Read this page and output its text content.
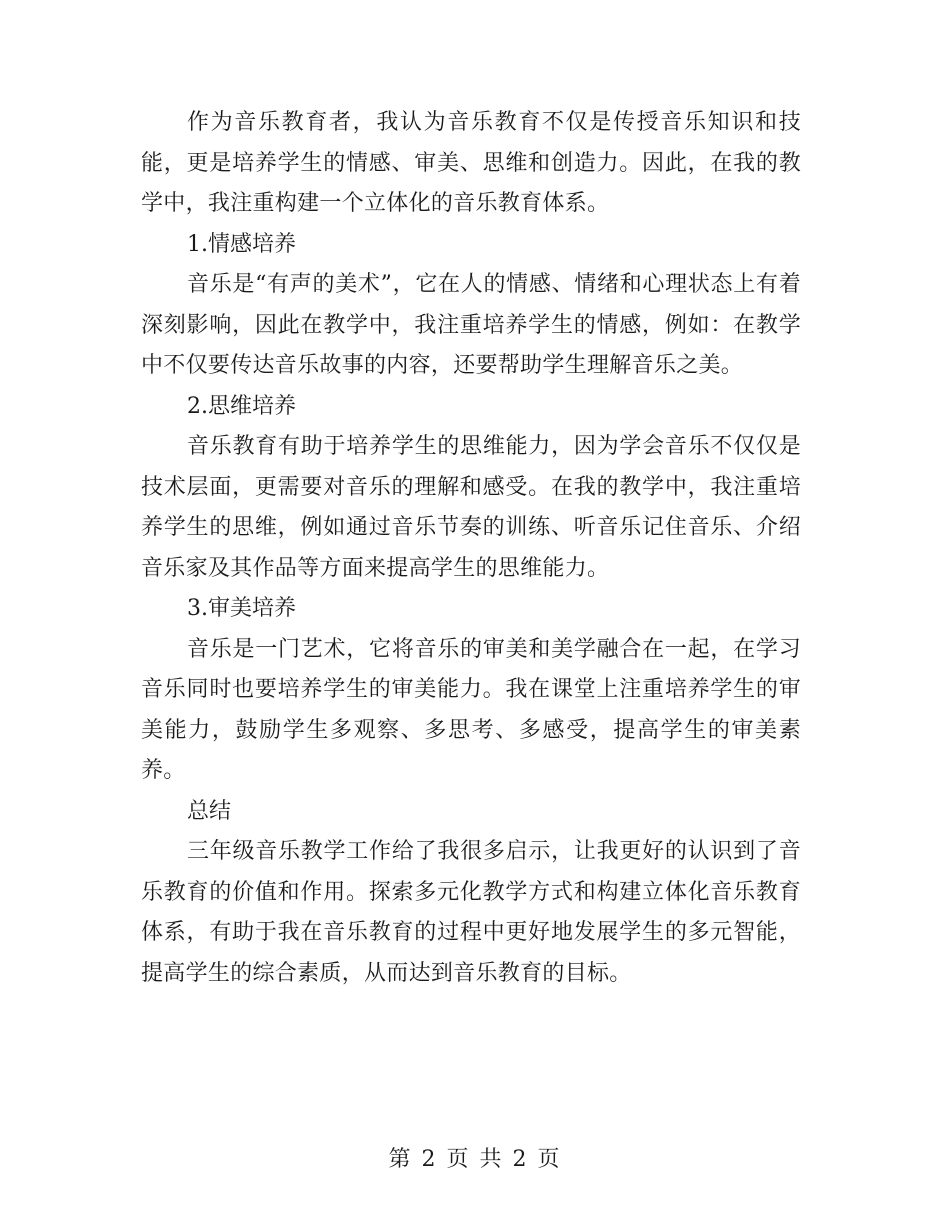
作为音乐教育者，我认为音乐教育不仅是传授音乐知识和技能，更是培养学生的情感、审美、思维和创造力。因此，在我的教学中，我注重构建一个立体化的音乐教育体系。

1.情感培养

音乐是“有声的美术”，它在人的情感、情绪和心理状态上有着深刻影响，因此在教学中，我注重培养学生的情感，例如：在教学中不仅要传达音乐故事的内容，还要帮助学生理解音乐之美。

2.思维培养

音乐教育有助于培养学生的思维能力，因为学会音乐不仅仅是技术层面，更需要对音乐的理解和感受。在我的教学中，我注重培养学生的思维，例如通过音乐节奏的训练、听音乐记住音乐、介绍音乐家及其作品等方面来提高学生的思维能力。

3.审美培养

音乐是一门艺术，它将音乐的审美和美学融合在一起，在学习音乐同时也要培养学生的审美能力。我在课堂上注重培养学生的审美能力，鼓励学生多观察、多思考、多感受，提高学生的审美素养。

总结

三年级音乐教学工作给了我很多启示，让我更好的认识到了音乐教育的价值和作用。探索多元化教学方式和构建立体化音乐教育体系，有助于我在音乐教育的过程中更好地发展学生的多元智能，提高学生的综合素质，从而达到音乐教育的目标。

第 2 页 共 2 页
